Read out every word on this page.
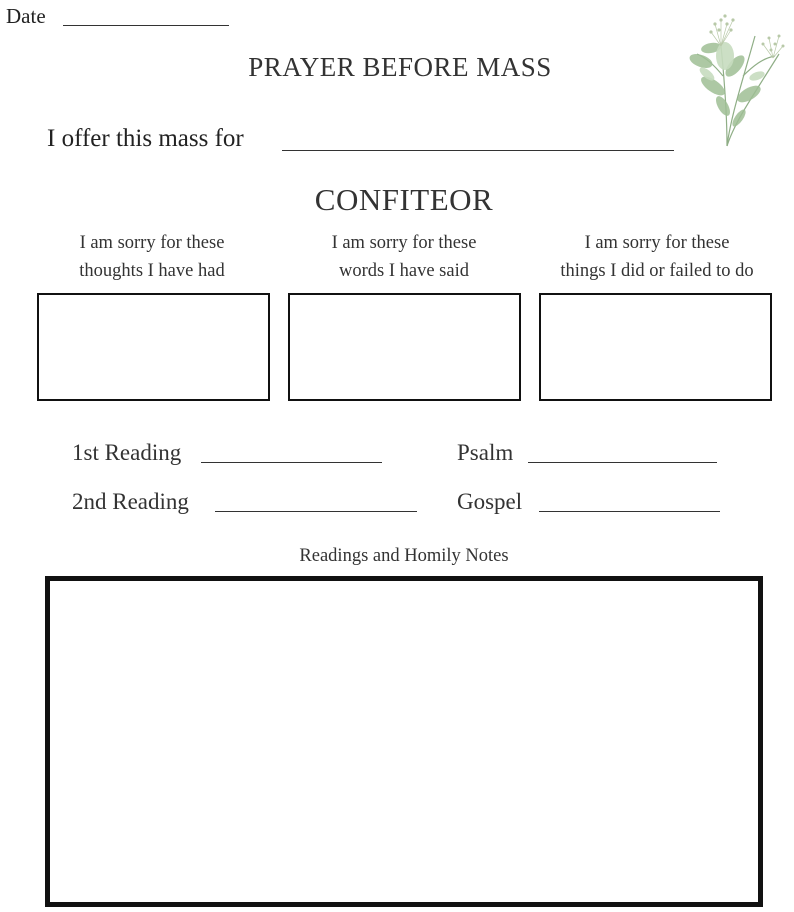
Date
PRAYER BEFORE MASS
I offer this mass for
CONFITEOR
I am sorry for these
thoughts I have had
I am sorry for these
words I have said
I am sorry for these
things I did or failed to do
1st Reading	Psalm
2nd Reading	Gospel
Readings and Homily Notes
